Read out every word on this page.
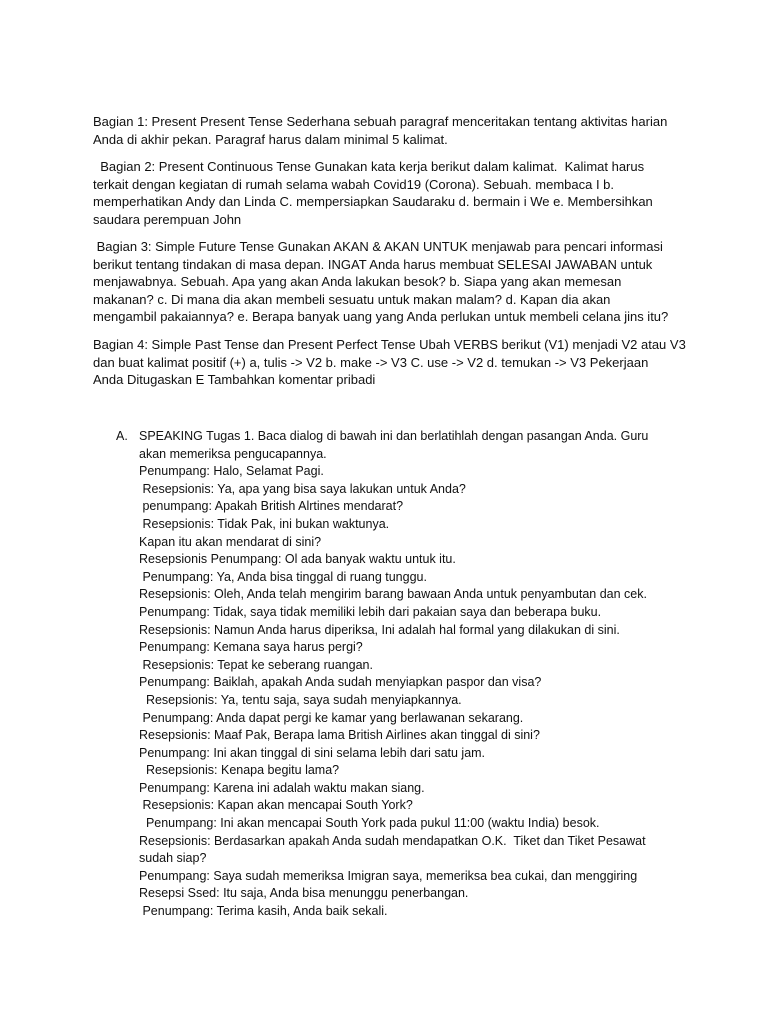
Bagian 1: Present Present Tense Sederhana sebuah paragraf menceritakan tentang aktivitas harian
Anda di akhir pekan. Paragraf harus dalam minimal 5 kalimat.

Bagian 2: Present Continuous Tense Gunakan kata kerja berikut dalam kalimat.  Kalimat harus
terkait dengan kegiatan di rumah selama wabah Covid19 (Corona). Sebuah. membaca I b.
memperhatikan Andy dan Linda C. mempersiapkan Saudaraku d. bermain i We e. Membersihkan
saudara perempuan John

Bagian 3: Simple Future Tense Gunakan AKAN & AKAN UNTUK menjawab para pencari informasi
berikut tentang tindakan di masa depan. INGAT Anda harus membuat SELESAI JAWABAN untuk
menjawabnya. Sebuah. Apa yang akan Anda lakukan besok? b. Siapa yang akan memesan
makanan? c. Di mana dia akan membeli sesuatu untuk makan malam? d. Kapan dia akan
mengambil pakaiannya? e. Berapa banyak uang yang Anda perlukan untuk membeli celana jins itu?

Bagian 4: Simple Past Tense dan Present Perfect Tense Ubah VERBS berikut (V1) menjadi V2 atau V3
dan buat kalimat positif (+) a, tulis -> V2 b. make -> V3 C. use -> V2 d. temukan -> V3 Pekerjaan
Anda Ditugaskan E Tambahkan komentar pribadi

A. SPEAKING Tugas 1. Baca dialog di bawah ini dan berlatihlah dengan pasangan Anda. Guru
akan memeriksa pengucapannya.
Penumpang: Halo, Selamat Pagi.
Resepsionis: Ya, apa yang bisa saya lakukan untuk Anda?
penumpang: Apakah British Alrtines mendarat?
Resepsionis: Tidak Pak, ini bukan waktunya.
Kapan itu akan mendarat di sini?
Resepsionis Penumpang: Ol ada banyak waktu untuk itu.
Penumpang: Ya, Anda bisa tinggal di ruang tunggu.
Resepsionis: Oleh, Anda telah mengirim barang bawaan Anda untuk penyambutan dan cek.
Penumpang: Tidak, saya tidak memiliki lebih dari pakaian saya dan beberapa buku.
Resepsionis: Namun Anda harus diperiksa, Ini adalah hal formal yang dilakukan di sini.
Penumpang: Kemana saya harus pergi?
Resepsionis: Tepat ke seberang ruangan.
Penumpang: Baiklah, apakah Anda sudah menyiapkan paspor dan visa?
Resepsionis: Ya, tentu saja, saya sudah menyiapkannya.
Penumpang: Anda dapat pergi ke kamar yang berlawanan sekarang.
Resepsionis: Maaf Pak, Berapa lama British Airlines akan tinggal di sini?
Penumpang: Ini akan tinggal di sini selama lebih dari satu jam.
Resepsionis: Kenapa begitu lama?
Penumpang: Karena ini adalah waktu makan siang.
Resepsionis: Kapan akan mencapai South York?
Penumpang: Ini akan mencapai South York pada pukul 11:00 (waktu India) besok.
Resepsionis: Berdasarkan apakah Anda sudah mendapatkan O.K.  Tiket dan Tiket Pesawat
sudah siap?
Penumpang: Saya sudah memeriksa Imigran saya, memeriksa bea cukai, dan menggiring
Resepsi Ssed: Itu saja, Anda bisa menunggu penerbangan.
Penumpang: Terima kasih, Anda baik sekali.
